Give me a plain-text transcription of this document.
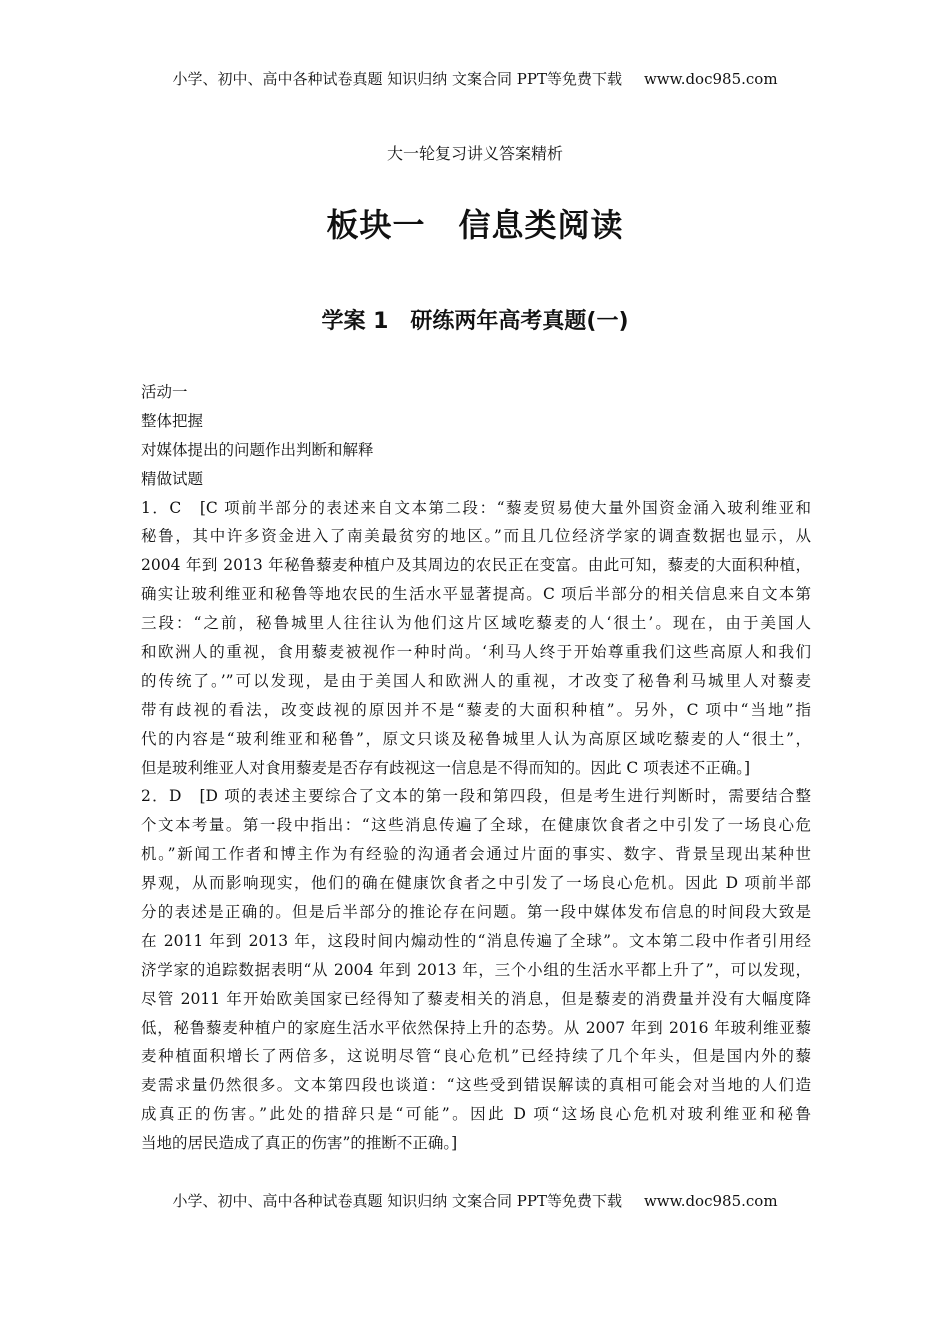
小学、初中、高中各种试卷真题 知识归纳 文案合同 PPT等免费下载 www.doc985.com
大一轮复习讲义答案精析
板块一　信息类阅读
学案 1　研练两年高考真题(一)
活动一
整体把握
对媒体提出的问题作出判断和解释
精做试题
1．C　[C 项前半部分的表述来自文本第二段：“藜麦贸易使大量外国资金涌入玻利维亚和
秘鲁，其中许多资金进入了南美最贫穷的地区。”而且几位经济学家的调查数据也显示，从
2004 年到 2013 年秘鲁藜麦种植户及其周边的农民正在变富。由此可知，藜麦的大面积种植，
确实让玻利维亚和秘鲁等地农民的生活水平显著提高。C 项后半部分的相关信息来自文本第
三段：“之前，秘鲁城里人往往认为他们这片区域吃藜麦的人‘很土’。现在，由于美国人
和欧洲人的重视，食用藜麦被视作一种时尚。‘利马人终于开始尊重我们这些高原人和我们
的传统了。’”可以发现，是由于美国人和欧洲人的重视，才改变了秘鲁利马城里人对藜麦
带有歧视的看法，改变歧视的原因并不是“藜麦的大面积种植”。另外，C 项中“当地”指
代的内容是“玻利维亚和秘鲁”，原文只谈及秘鲁城里人认为高原区域吃藜麦的人“很土”，
但是玻利维亚人对食用藜麦是否存有歧视这一信息是不得而知的。因此 C 项表述不正确。]
2．D　[D 项的表述主要综合了文本的第一段和第四段，但是考生进行判断时，需要结合整
个文本考量。第一段中指出：“这些消息传遍了全球，在健康饮食者之中引发了一场良心危
机。”新闻工作者和博主作为有经验的沟通者会通过片面的事实、数字、背景呈现出某种世
界观，从而影响现实，他们的确在健康饮食者之中引发了一场良心危机。因此 D 项前半部
分的表述是正确的。但是后半部分的推论存在问题。第一段中媒体发布信息的时间段大致是
在 2011 年到 2013 年，这段时间内煽动性的“消息传遍了全球”。文本第二段中作者引用经
济学家的追踪数据表明“从 2004 年到 2013 年，三个小组的生活水平都上升了”，可以发现，
尽管 2011 年开始欧美国家已经得知了藜麦相关的消息，但是藜麦的消费量并没有大幅度降
低，秘鲁藜麦种植户的家庭生活水平依然保持上升的态势。从 2007 年到 2016 年玻利维亚藜
麦种植面积增长了两倍多，这说明尽管“良心危机”已经持续了几个年头，但是国内外的藜
麦需求量仍然很多。文本第四段也谈道：“这些受到错误解读的真相可能会对当地的人们造
成真正的伤害。”此处的措辞只是“可能”。因此 D 项“这场良心危机对玻利维亚和秘鲁
当地的居民造成了真正的伤害”的推断不正确。]
小学、初中、高中各种试卷真题 知识归纳 文案合同 PPT等免费下载 www.doc985.com
